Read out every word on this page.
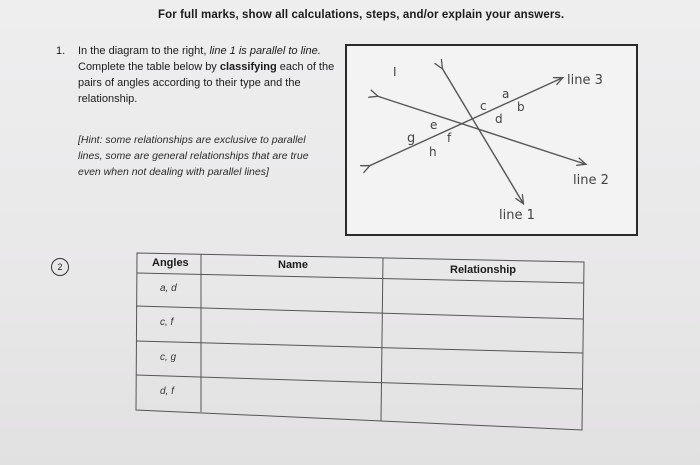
For full marks, show all calculations, steps, and/or explain your answers.
1. In the diagram to the right, line 1 is parallel to line.
Complete the table below by classifying each of the
pairs of angles according to their type and the
relationship.
[Hint: some relationships are exclusive to parallel
lines, some are general relationships that are true
even when not dealing with parallel lines]
I
line 3
line 2
line 1
a
b
c
d
e
f
g
h
2	Angles	Name	Relationship
a, d
c, f
c, g
d, f
